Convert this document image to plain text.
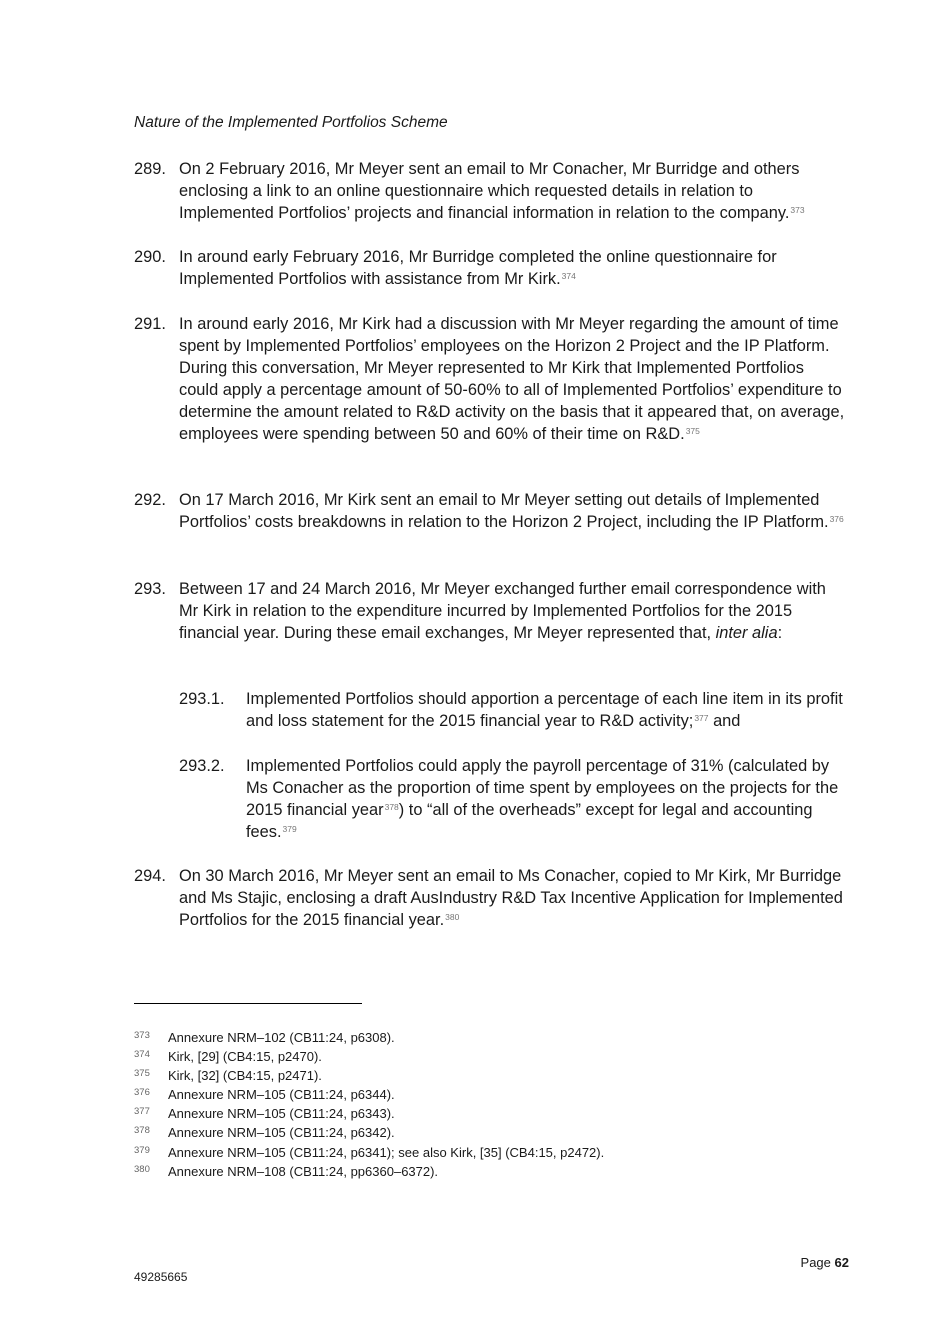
Nature of the Implemented Portfolios Scheme
289. On 2 February 2016, Mr Meyer sent an email to Mr Conacher, Mr Burridge and others enclosing a link to an online questionnaire which requested details in relation to Implemented Portfolios’ projects and financial information in relation to the company.$^{373}$
290. In around early February 2016, Mr Burridge completed the online questionnaire for Implemented Portfolios with assistance from Mr Kirk.$^{374}$
291. In around early 2016, Mr Kirk had a discussion with Mr Meyer regarding the amount of time spent by Implemented Portfolios’ employees on the Horizon 2 Project and the IP Platform. During this conversation, Mr Meyer represented to Mr Kirk that Implemented Portfolios could apply a percentage amount of 50-60% to all of Implemented Portfolios’ expenditure to determine the amount related to R&D activity on the basis that it appeared that, on average, employees were spending between 50 and 60% of their time on R&D.$^{375}$
292. On 17 March 2016, Mr Kirk sent an email to Mr Meyer setting out details of Implemented Portfolios’ costs breakdowns in relation to the Horizon 2 Project, including the IP Platform.$^{376}$
293. Between 17 and 24 March 2016, Mr Meyer exchanged further email correspondence with Mr Kirk in relation to the expenditure incurred by Implemented Portfolios for the 2015 financial year. During these email exchanges, Mr Meyer represented that, inter alia:
293.1. Implemented Portfolios should apportion a percentage of each line item in its profit and loss statement for the 2015 financial year to R&D activity;$^{377}$ and
293.2. Implemented Portfolios could apply the payroll percentage of 31% (calculated by Ms Conacher as the proportion of time spent by employees on the projects for the 2015 financial year$^{378}$) to “all of the overheads” except for legal and accounting fees.$^{379}$
294. On 30 March 2016, Mr Meyer sent an email to Ms Conacher, copied to Mr Kirk, Mr Burridge and Ms Stajic, enclosing a draft AusIndustry R&D Tax Incentive Application for Implemented Portfolios for the 2015 financial year.$^{380}$
373 Annexure NRM–102 (CB11:24, p6308).
374 Kirk, [29] (CB4:15, p2470).
375 Kirk, [32] (CB4:15, p2471).
376 Annexure NRM–105 (CB11:24, p6344).
377 Annexure NRM–105 (CB11:24, p6343).
378 Annexure NRM–105 (CB11:24, p6342).
379 Annexure NRM–105 (CB11:24, p6341); see also Kirk, [35] (CB4:15, p2472).
380 Annexure NRM–108 (CB11:24, pp6360–6372).
Page 62
49285665
